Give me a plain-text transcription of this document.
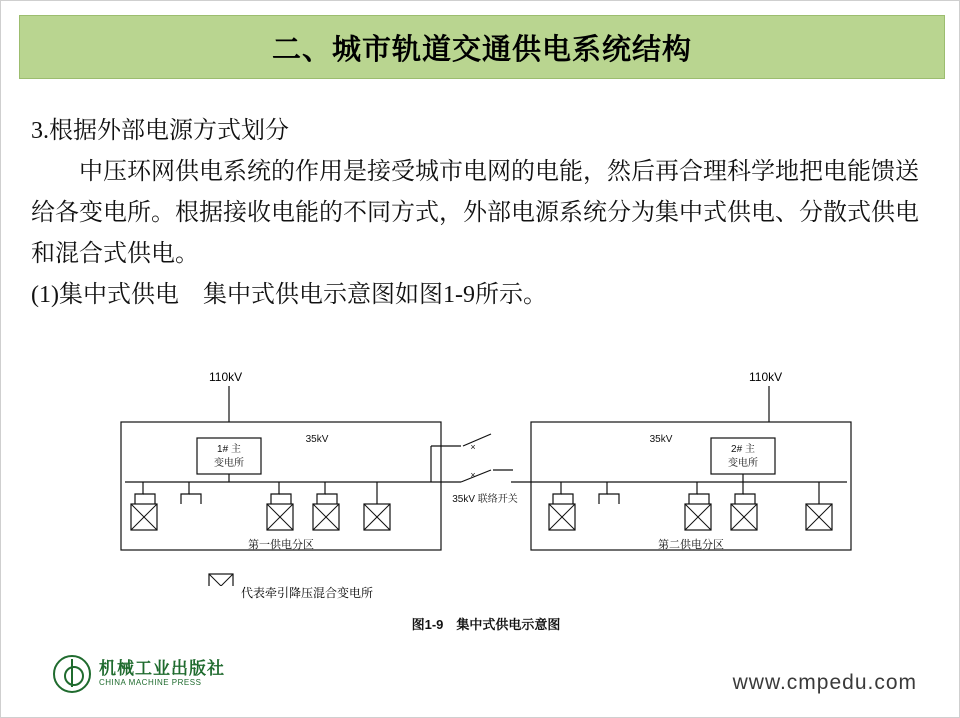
二、城市轨道交通供电系统结构

3.根据外部电源方式划分

中压环网供电系统的作用是接受城市电网的电能，然后再合理科学地把电能馈送给各变电所。根据接收电能的不同方式，外部电源系统分为集中式供电、分散式供电和混合式供电。

(1)集中式供电　集中式供电示意图如图1-9所示。

110kV	110kV
1# 主
变电所
2# 主
变电所
35kV	35kV
×
×
35kV 联络开关
第一供电分区	第二供电分区
代表牵引降压混合变电所
图1-9　集中式供电示意图
机械工业出版社
CHINA MACHINE PRESS	www.cmpedu.com
